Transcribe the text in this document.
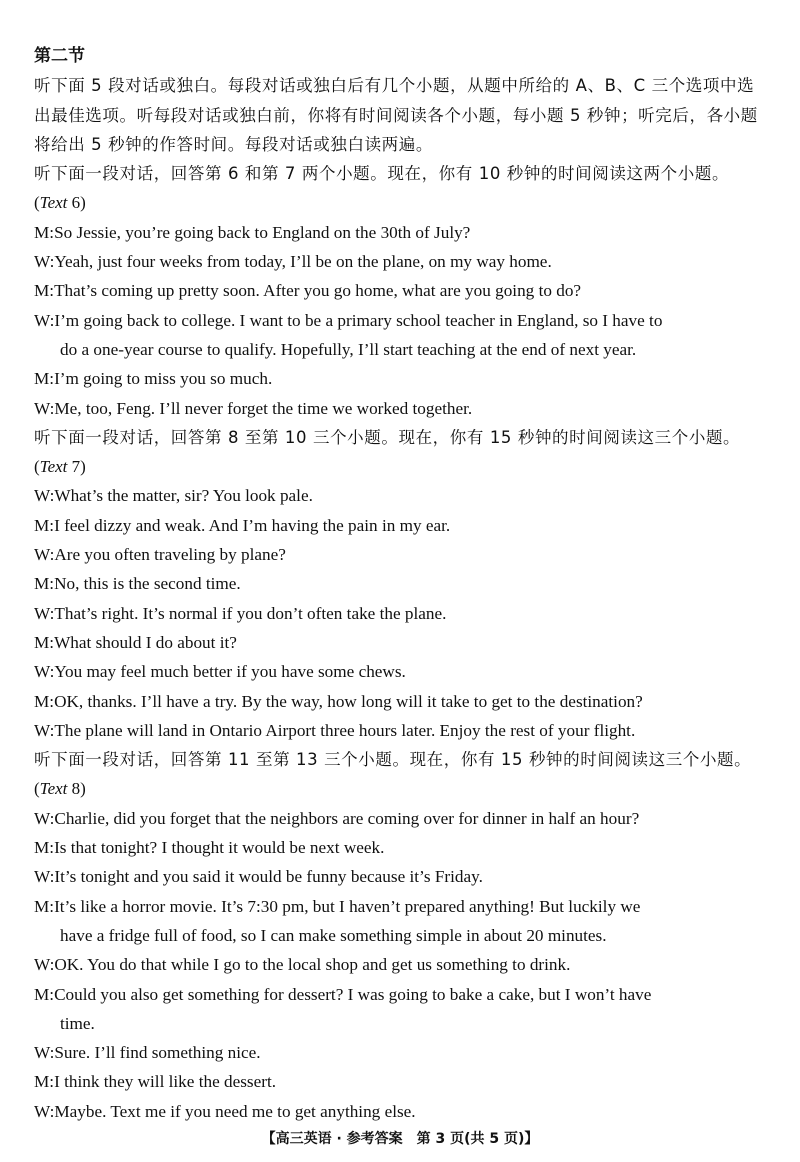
第二节
听下面 5 段对话或独白。每段对话或独白后有几个小题，从题中所给的 A、B、C 三个选项中选
出最佳选项。听每段对话或独白前，你将有时间阅读各个小题，每小题 5 秒钟；听完后，各小题
将给出 5 秒钟的作答时间。每段对话或独白读两遍。
听下面一段对话，回答第 6 和第 7 两个小题。现在，你有 10 秒钟的时间阅读这两个小题。
(Text 6)
M: So Jessie, you’re going back to England on the 30th of July?
W: Yeah, just four weeks from today, I’ll be on the plane, on my way home.
M: That’s coming up pretty soon. After you go home, what are you going to do?
W: I’m going back to college. I want to be a primary school teacher in England, so I have to
do a one-year course to qualify. Hopefully, I’ll start teaching at the end of next year.
M: I’m going to miss you so much.
W: Me, too, Feng. I’ll never forget the time we worked together.
听下面一段对话，回答第 8 至第 10 三个小题。现在，你有 15 秒钟的时间阅读这三个小题。
(Text 7)
W: What’s the matter, sir? You look pale.
M: I feel dizzy and weak. And I’m having the pain in my ear.
W: Are you often traveling by plane?
M: No, this is the second time.
W: That’s right. It’s normal if you don’t often take the plane.
M: What should I do about it?
W: You may feel much better if you have some chews.
M: OK, thanks. I’ll have a try. By the way, how long will it take to get to the destination?
W: The plane will land in Ontario Airport three hours later. Enjoy the rest of your flight.
听下面一段对话，回答第 11 至第 13 三个小题。现在，你有 15 秒钟的时间阅读这三个小题。
(Text 8)
W: Charlie, did you forget that the neighbors are coming over for dinner in half an hour?
M: Is that tonight? I thought it would be next week.
W: It’s tonight and you said it would be funny because it’s Friday.
M: It’s like a horror movie. It’s 7:30 pm, but I haven’t prepared anything! But luckily we
have a fridge full of food, so I can make something simple in about 20 minutes.
W: OK. You do that while I go to the local shop and get us something to drink.
M: Could you also get something for dessert? I was going to bake a cake, but I won’t have
time.
W: Sure. I’ll find something nice.
M: I think they will like the dessert.
W: Maybe. Text me if you need me to get anything else.
【高三英语 · 参考答案　第 3 页(共 5 页)】
